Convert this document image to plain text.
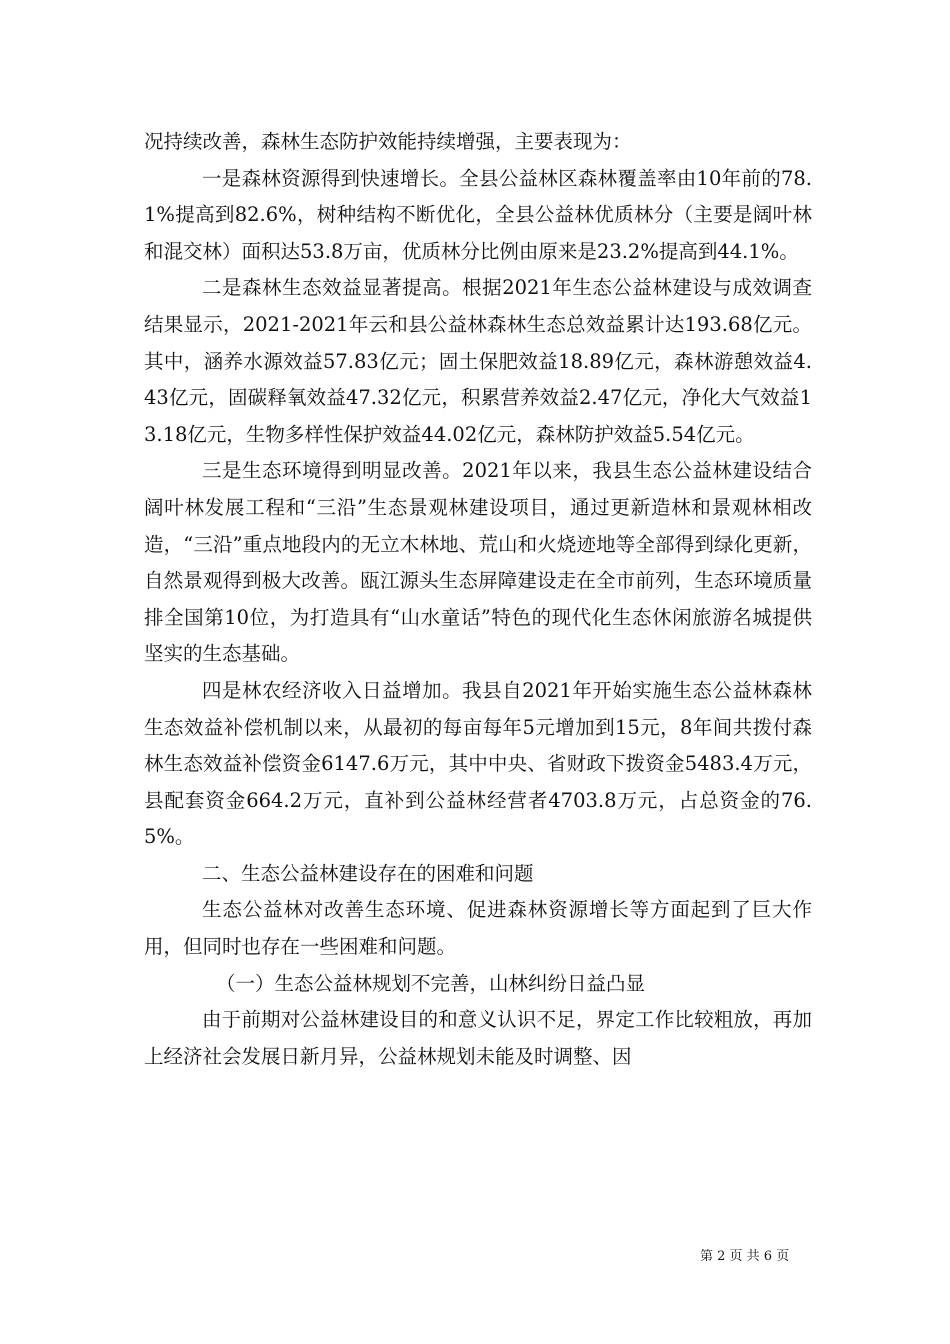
况持续改善，森林生态防护效能持续增强，主要表现为：

一是森林资源得到快速增长。全县公益林区森林覆盖率由10年前的78.1%提高到82.6%，树种结构不断优化，全县公益林优质林分（主要是阔叶林和混交林）面积达53.8万亩，优质林分比例由原来是23.2%提高到44.1%。

二是森林生态效益显著提高。根据2021年生态公益林建设与成效调查结果显示，2021-2021年云和县公益林森林生态总效益累计达193.68亿元。其中，涵养水源效益57.83亿元；固土保肥效益18.89亿元，森林游憩效益4.43亿元，固碳释氧效益47.32亿元，积累营养效益2.47亿元，净化大气效益13.18亿元，生物多样性保护效益44.02亿元，森林防护效益5.54亿元。

三是生态环境得到明显改善。2021年以来，我县生态公益林建设结合阔叶林发展工程和“三沿”生态景观林建设项目，通过更新造林和景观林相改造，“三沿”重点地段内的无立木林地、荒山和火烧迹地等全部得到绿化更新，自然景观得到极大改善。瓯江源头生态屏障建设走在全市前列，生态环境质量排全国第10位，为打造具有“山水童话”特色的现代化生态休闲旅游名城提供坚实的生态基础。

四是林农经济收入日益增加。我县自2021年开始实施生态公益林森林生态效益补偿机制以来，从最初的每亩每年5元增加到15元，8年间共拨付森林生态效益补偿资金6147.6万元，其中中央、省财政下拨资金5483.4万元，县配套资金664.2万元，直补到公益林经营者4703.8万元，占总资金的76.5%。

二、生态公益林建设存在的困难和问题

生态公益林对改善生态环境、促进森林资源增长等方面起到了巨大作用，但同时也存在一些困难和问题。

（一）生态公益林规划不完善，山林纠纷日益凸显

由于前期对公益林建设目的和意义认识不足，界定工作比较粗放，再加上经济社会发展日新月异，公益林规划未能及时调整、因

第 2 页 共 6 页
